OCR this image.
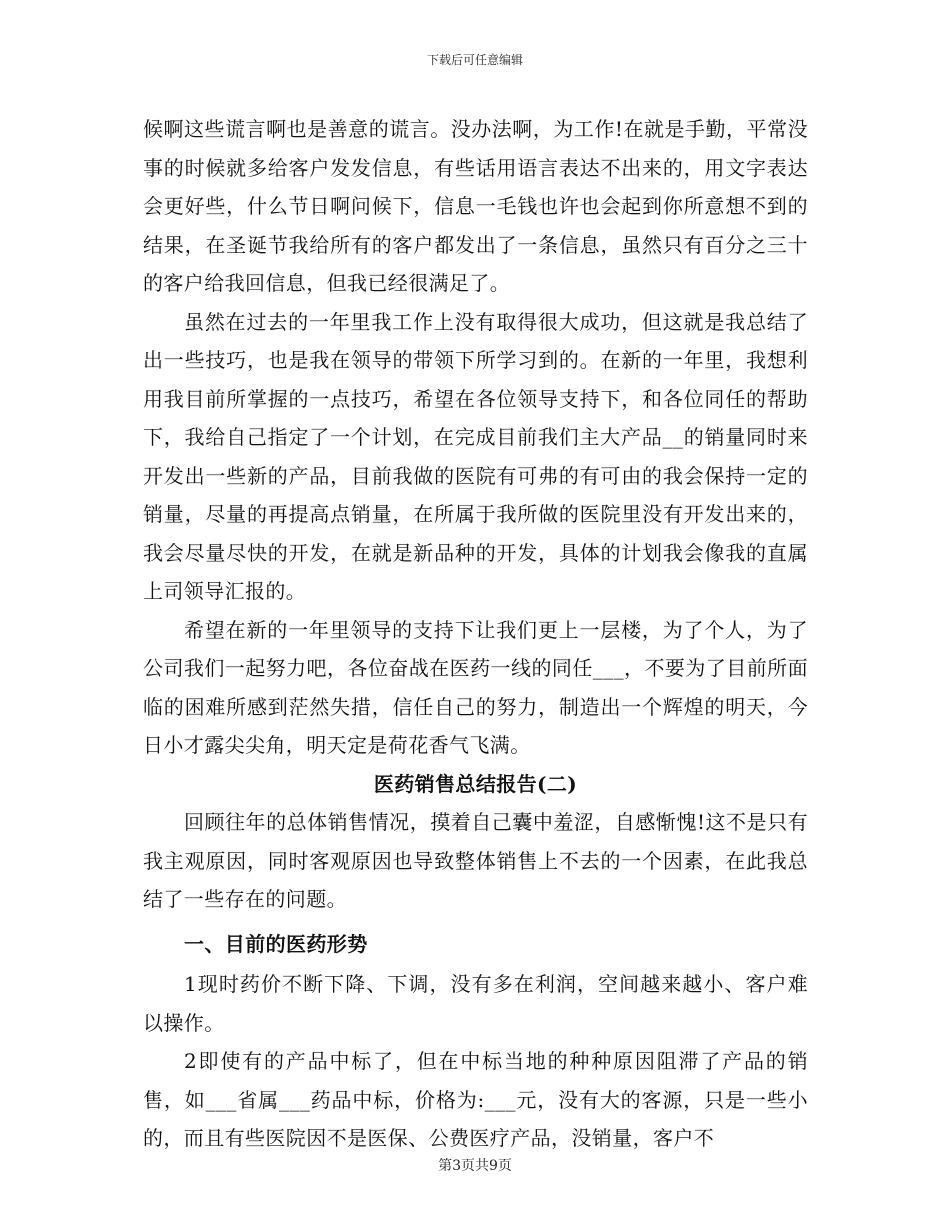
下载后可任意编辑

候啊这些谎言啊也是善意的谎言。没办法啊，为工作!在就是手勤，平常没事的时候就多给客户发发信息，有些话用语言表达不出来的，用文字表达会更好些，什么节日啊问候下，信息一毛钱也许也会起到你所意想不到的结果，在圣诞节我给所有的客户都发出了一条信息，虽然只有百分之三十的客户给我回信息，但我已经很满足了。

虽然在过去的一年里我工作上没有取得很大成功，但这就是我总结了出一些技巧，也是我在领导的带领下所学习到的。在新的一年里，我想利用我目前所掌握的一点技巧，希望在各位领导支持下，和各位同任的帮助下，我给自己指定了一个计划，在完成目前我们主大产品__的销量同时来开发出一些新的产品，目前我做的医院有可弗的有可由的我会保持一定的销量，尽量的再提高点销量，在所属于我所做的医院里没有开发出来的，我会尽量尽快的开发，在就是新品种的开发，具体的计划我会像我的直属上司领导汇报的。

希望在新的一年里领导的支持下让我们更上一层楼，为了个人，为了公司我们一起努力吧，各位奋战在医药一线的同任___，不要为了目前所面临的困难所感到茫然失措，信任自己的努力，制造出一个辉煌的明天，今日小才露尖尖角，明天定是荷花香气飞满。

医药销售总结报告(二)

回顾往年的总体销售情况，摸着自己囊中羞涩，自感惭愧!这不是只有我主观原因，同时客观原因也导致整体销售上不去的一个因素，在此我总结了一些存在的问题。

一、目前的医药形势

1现时药价不断下降、下调，没有多在利润，空间越来越小、客户难以操作。

2即使有的产品中标了，但在中标当地的种种原因阻滞了产品的销售，如___省属___药品中标，价格为:___元，没有大的客源，只是一些小的，而且有些医院因不是医保、公费医疗产品，没销量，客户不

第3页共9页
